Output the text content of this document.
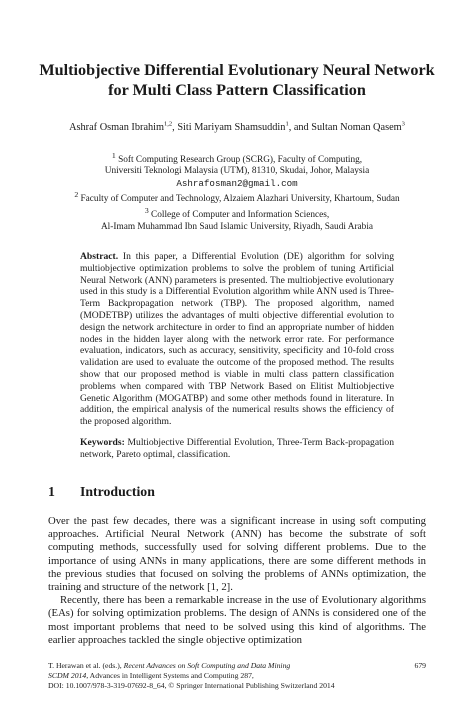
Multiobjective Differential Evolutionary Neural Network
for Multi Class Pattern Classification
Ashraf Osman Ibrahim$^{1,2}$, Siti Mariyam Shamsuddin$^1$, and Sultan Noman Qasem$^3$
$^1$ Soft Computing Research Group (SCRG), Faculty of Computing,
Universiti Teknologi Malaysia (UTM), 81310, Skudai, Johor, Malaysia
Ashrafosman2@gmail.com
$^2$ Faculty of Computer and Technology, Alzaiem Alazhari University, Khartoum, Sudan
$^3$ College of Computer and Information Sciences,
Al-Imam Muhammad Ibn Saud Islamic University, Riyadh, Saudi Arabia

Abstract. In this paper, a Differential Evolution (DE) algorithm for solving multiobjective optimization problems to solve the problem of tuning Artificial Neural Network (ANN) parameters is presented. The multiobjective evolutionary used in this study is a Differential Evolution algorithm while ANN used is Three-Term Backpropagation network (TBP). The proposed algorithm, named (MODETBP) utilizes the advantages of multi objective differential evolution to design the network architecture in order to find an appropriate number of hidden nodes in the hidden layer along with the network error rate. For performance evaluation, indicators, such as accuracy, sensitivity, specificity and 10-fold cross validation are used to evaluate the outcome of the proposed method. The results show that our proposed method is viable in multi class pattern classification problems when compared with TBP Network Based on Elitist Multiobjective Genetic Algorithm (MOGATBP) and some other methods found in literature. In addition, the empirical analysis of the numerical results shows the efficiency of the proposed algorithm.

Keywords: Multiobjective Differential Evolution, Three-Term Back-propagation network, Pareto optimal, classification.

1 Introduction

Over the past few decades, there was a significant increase in using soft computing approaches. Artificial Neural Network (ANN) has become the substrate of soft computing methods, successfully used for solving different problems. Due to the importance of using ANNs in many applications, there are some different methods in the previous studies that focused on solving the problems of ANNs optimization, the training and structure of the network [1, 2].

Recently, there has been a remarkable increase in the use of Evolutionary algorithms (EAs) for solving optimization problems. The design of ANNs is considered one of the most important problems that need to be solved using this kind of algorithms. The earlier approaches tackled the single objective optimization

T. Herawan et al. (eds.), Recent Advances on Soft Computing and Data Mining
SCDM 2014, Advances in Intelligent Systems and Computing 287,
DOI: 10.1007/978-3-319-07692-8_64, © Springer International Publishing Switzerland 2014
679
